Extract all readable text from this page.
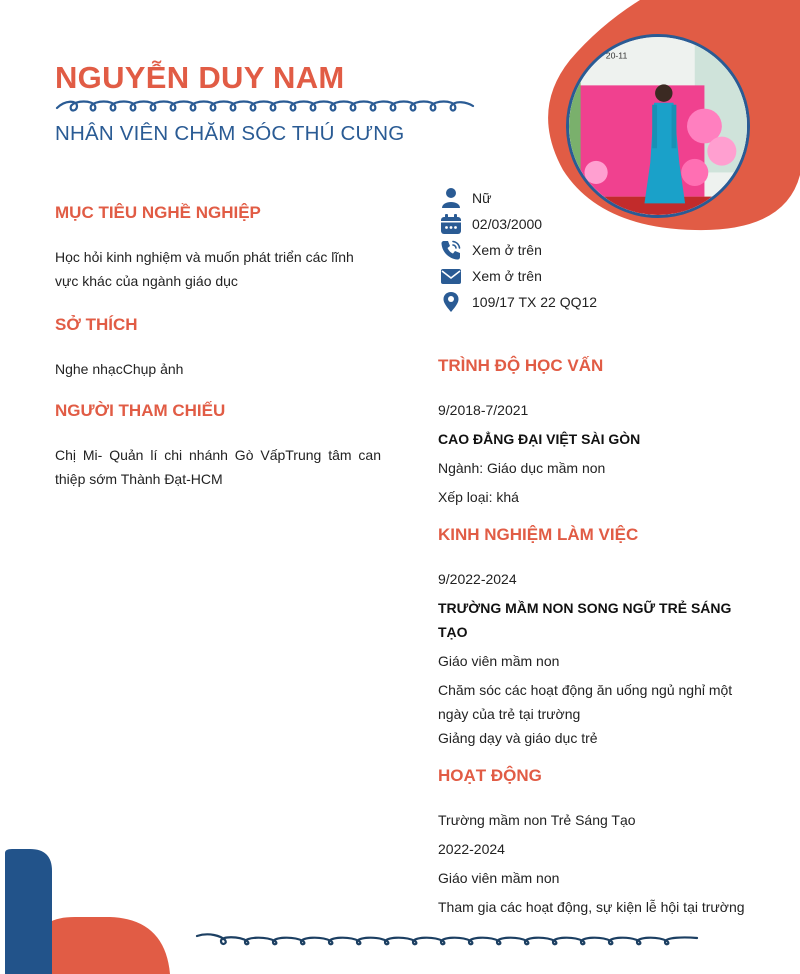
20-11
NGUYỄN DUY NAM
NHÂN VIÊN CHĂM SÓC THÚ CƯNG
MỤC TIÊU NGHỀ NGHIỆP
Học hỏi kinh nghiệm và muốn phát triển các lĩnh vực khác của ngành giáo dục
SỞ THÍCH
Nghe nhạcChụp ảnh
NGƯỜI THAM CHIẾU
Chị Mi- Quản lí chi nhánh Gò VấpTrung tâm can thiệp sớm Thành Đạt-HCM
Nữ
02/03/2000
Xem ở trên
Xem ở trên
109/17 TX 22 QQ12
TRÌNH ĐỘ HỌC VẤN
9/2018-7/2021
CAO ĐẲNG ĐẠI VIỆT SÀI GÒN
Ngành: Giáo dục mầm non
Xếp loại: khá
KINH NGHIỆM LÀM VIỆC
9/2022-2024
TRƯỜNG MẦM NON SONG NGỮ TRẺ SÁNG TẠO
Giáo viên mầm non
Chăm sóc các hoạt động ăn uống ngủ nghỉ một ngày của trẻ tại trường
Giảng dạy và giáo dục trẻ
HOẠT ĐỘNG
Trường mầm non Trẻ Sáng Tạo
2022-2024
Giáo viên mầm non
Tham gia các hoạt động, sự kiện lễ hội tại trường
